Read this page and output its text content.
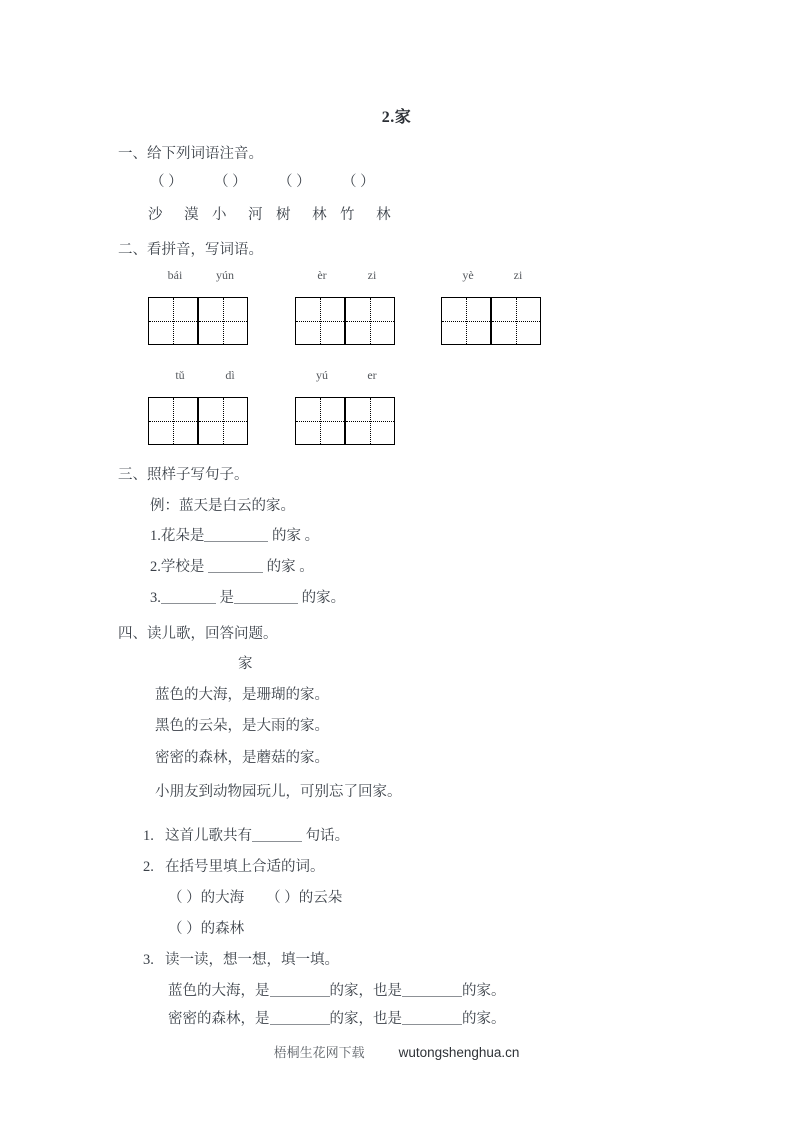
2.家
一、给下列词语注音。
（ ） （ ） （ ） （ ）
沙 漠 小 河 树 林 竹 林
二、看拼音，写词语。
bái	yún	èr	zi	yè	zi
tǔ	dì	yú	er
三、照样子写句子。
例：蓝天是白云的家。
1.花朵是	的家 。
2.学校是	的家 。
3.	是	的家。
四、读儿歌，回答问题。
家
蓝色的大海，是珊瑚的家。
黑色的云朵，是大雨的家。
密密的森林，是蘑菇的家。
小朋友到动物园玩儿，可别忘了回家。
1. 这首儿歌共有	句话。
2. 在括号里填上合适的词。
（ ）的大海 （ ）的云朵
（ ）的森林
3. 读一读，想一想，填一填。
蓝色的大海，是	的家，也是	的家。
密密的森林，是	的家，也是	的家。
梧桐生花网下载	wutongshenghua.cn
